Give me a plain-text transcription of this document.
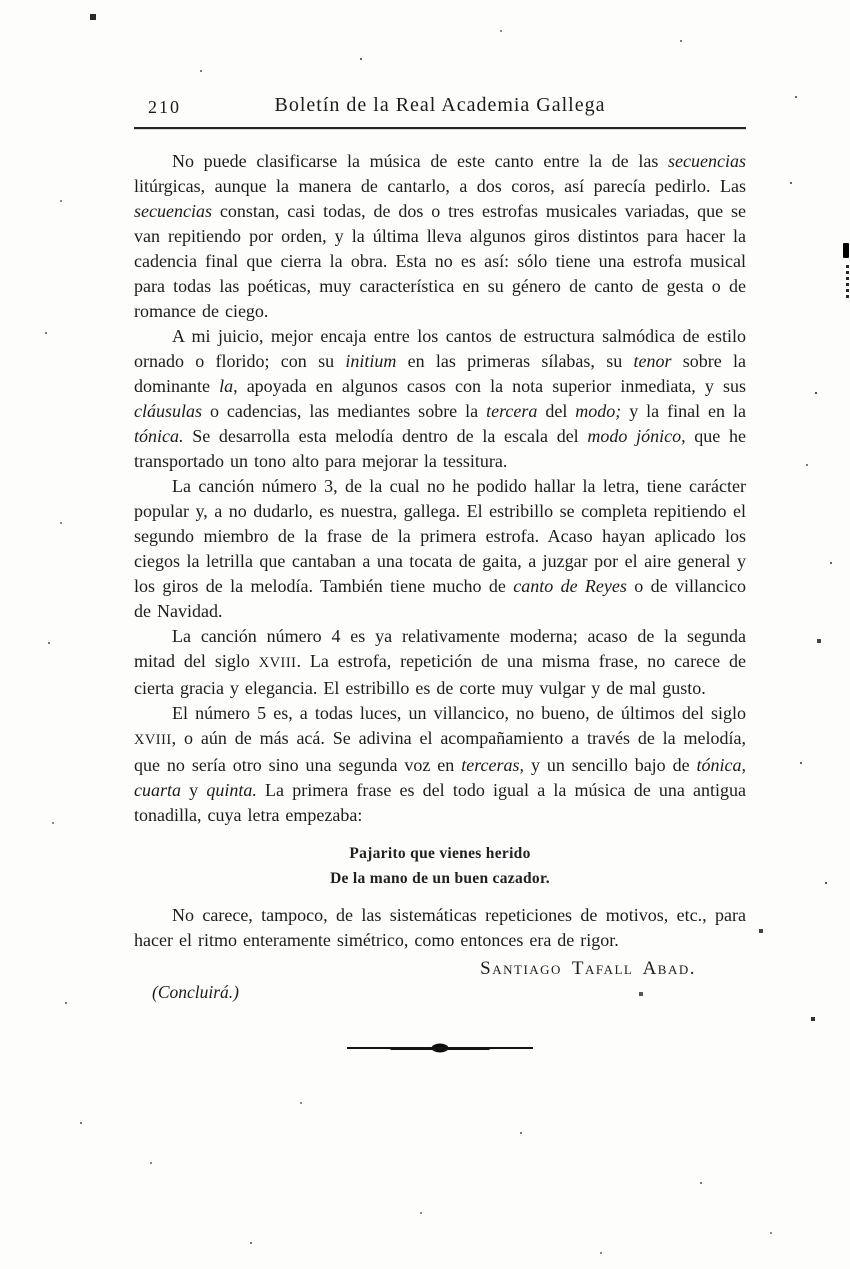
210	Boletín de la Real Academia Gallega

No puede clasificarse la música de este canto entre la de las secuencias litúrgicas, aunque la manera de cantarlo, a dos coros, así parecía pedirlo. Las secuencias constan, casi todas, de dos o tres estrofas musicales variadas, que se van repitiendo por orden, y la última lleva algunos giros distintos para hacer la cadencia final que cierra la obra. Esta no es así: sólo tiene una estrofa musical para todas las poéticas, muy característica en su género de canto de gesta o de romance de ciego.

A mi juicio, mejor encaja entre los cantos de estructura salmódica de estilo ornado o florido; con su initium en las primeras sílabas, su tenor sobre la dominante la, apoyada en algunos casos con la nota superior inmediata, y sus cláusulas o cadencias, las mediantes sobre la tercera del modo; y la final en la tónica. Se desarrolla esta melodía dentro de la escala del modo jónico, que he transportado un tono alto para mejorar la tessitura.

La canción número 3, de la cual no he podido hallar la letra, tiene carácter popular y, a no dudarlo, es nuestra, gallega. El estribillo se completa repitiendo el segundo miembro de la frase de la primera estrofa. Acaso hayan aplicado los ciegos la letrilla que cantaban a una tocata de gaita, a juzgar por el aire general y los giros de la melodía. También tiene mucho de canto de Reyes o de villancico de Navidad.

La canción número 4 es ya relativamente moderna; acaso de la segunda mitad del siglo XVIII. La estrofa, repetición de una misma frase, no carece de cierta gracia y elegancia. El estribillo es de corte muy vulgar y de mal gusto.

El número 5 es, a todas luces, un villancico, no bueno, de últimos del siglo XVIII, o aún de más acá. Se adivina el acompañamiento a través de la melodía, que no sería otro sino una segunda voz en terceras, y un sencillo bajo de tónica, cuarta y quinta. La primera frase es del todo igual a la música de una antigua tonadilla, cuya letra empezaba:

Pajarito que vienes herido
De la mano de un buen cazador.

No carece, tampoco, de las sistemáticas repeticiones de motivos, etc., para hacer el ritmo enteramente simétrico, como entonces era de rigor.

Santiago Tafall Abad.
(Concluirá.)
